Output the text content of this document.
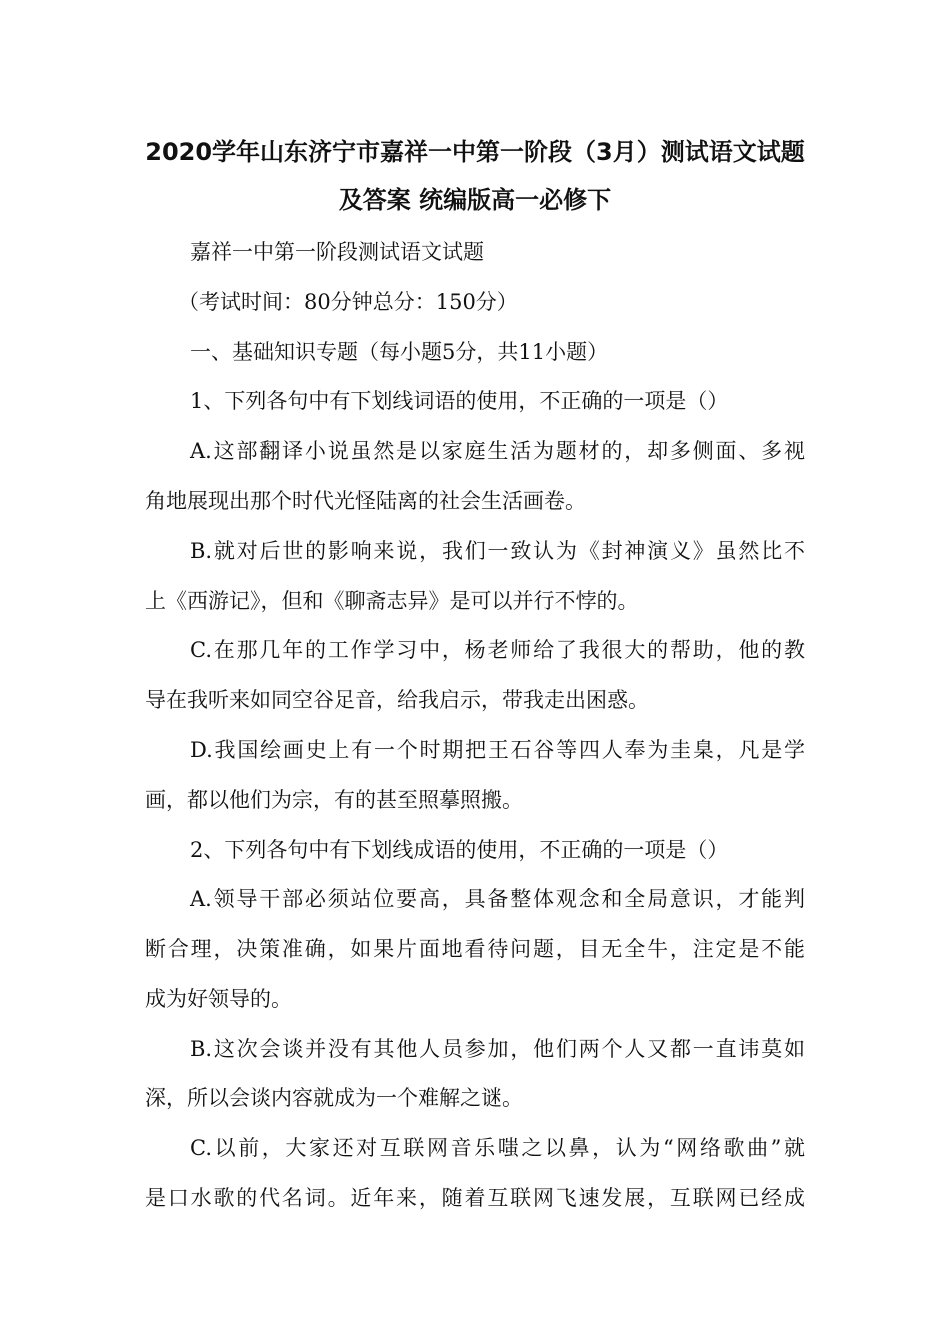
2020学年山东济宁市嘉祥一中第一阶段（3月）测试语文试题
及答案 统编版高一必修下
嘉祥一中第一阶段测试语文试题
（考试时间：80分钟总分：150分）
一、基础知识专题（每小题5分，共11小题）
1、下列各句中有下划线词语的使用，不正确的一项是（）
A.这部翻译小说虽然是以家庭生活为题材的，却多侧面、多视
角地展现出那个时代光怪陆离的社会生活画卷。
B.就对后世的影响来说，我们一致认为《封神演义》虽然比不
上《西游记》，但和《聊斋志异》是可以并行不悖的。
C.在那几年的工作学习中，杨老师给了我很大的帮助，他的教
导在我听来如同空谷足音，给我启示，带我走出困惑。
D.我国绘画史上有一个时期把王石谷等四人奉为圭臬，凡是学
画，都以他们为宗，有的甚至照摹照搬。
2、下列各句中有下划线成语的使用，不正确的一项是（）
A.领导干部必须站位要高，具备整体观念和全局意识，才能判
断合理，决策准确，如果片面地看待问题，目无全牛，注定是不能
成为好领导的。
B.这次会谈并没有其他人员参加，他们两个人又都一直讳莫如
深，所以会谈内容就成为一个难解之谜。
C.以前，大家还对互联网音乐嗤之以鼻，认为“网络歌曲”就
是口水歌的代名词。近年来，随着互联网飞速发展，互联网已经成
